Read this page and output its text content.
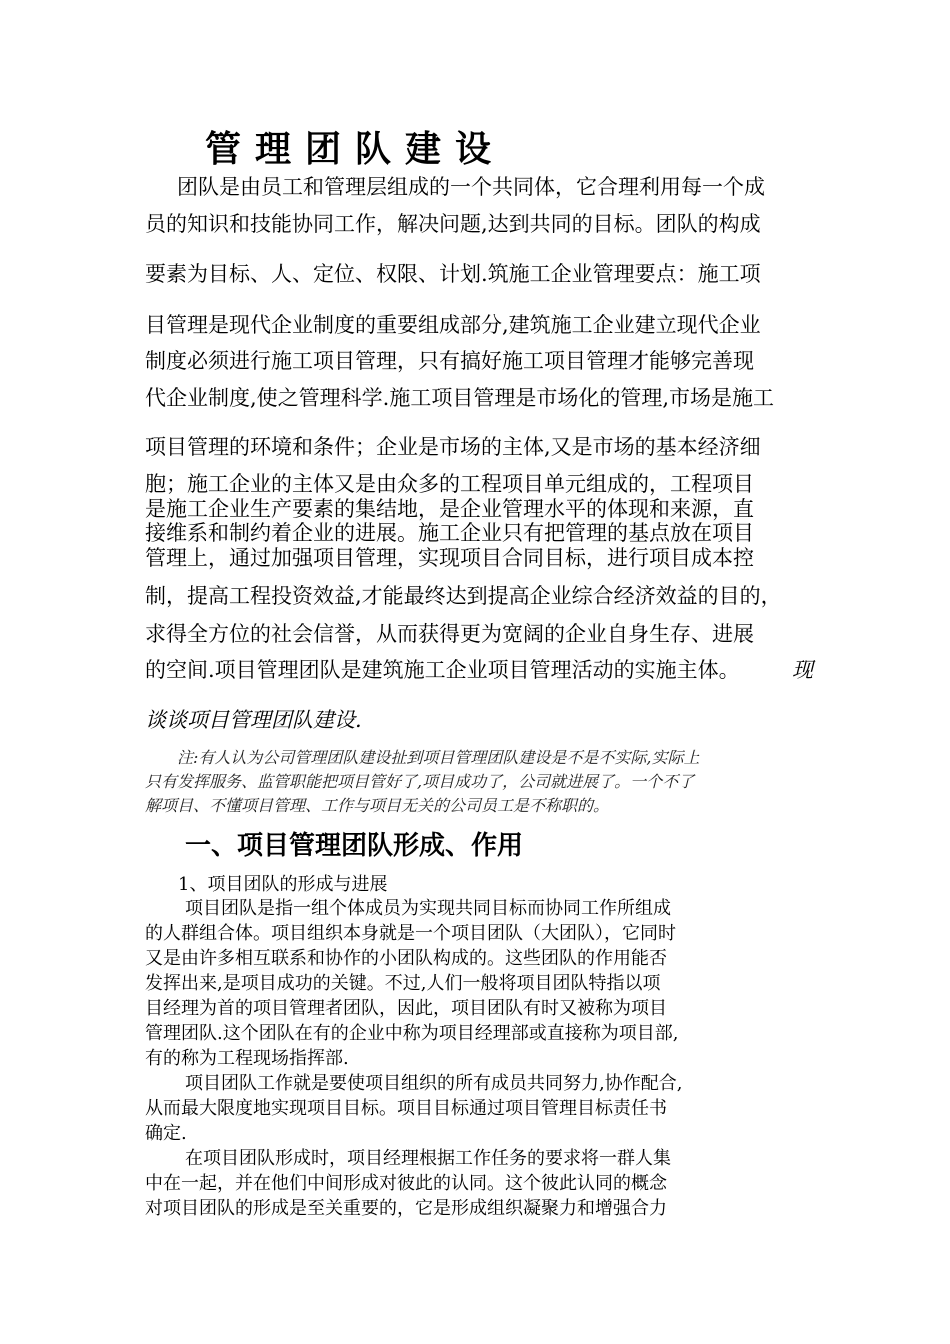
管理团队建设
团队是由员工和管理层组成的一个共同体，它合理利用每一个成
员的知识和技能协同工作，解决问题,达到共同的目标。团队的构成
要素为目标、人、定位、权限、计划.筑施工企业管理要点：施工项
目管理是现代企业制度的重要组成部分,建筑施工企业建立现代企业
制度必须进行施工项目管理，只有搞好施工项目管理才能够完善现
代企业制度,使之管理科学.施工项目管理是市场化的管理,市场是施工
项目管理的环境和条件；企业是市场的主体,又是市场的基本经济细
胞；施工企业的主体又是由众多的工程项目单元组成的，工程项目
是施工企业生产要素的集结地，是企业管理水平的体现和来源，直
接维系和制约着企业的进展。施工企业只有把管理的基点放在项目
管理上，通过加强项目管理，实现项目合同目标，进行项目成本控
制，提高工程投资效益,才能最终达到提高企业综合经济效益的目的，
求得全方位的社会信誉，从而获得更为宽阔的企业自身生存、进展
的空间.项目管理团队是建筑施工企业项目管理活动的实施主体。 现
谈谈项目管理团队建设.
注:有人认为公司管理团队建设扯到项目管理团队建设是不是不实际,实际上
只有发挥服务、监管职能把项目管好了,项目成功了，公司就进展了。一个不了
解项目、不懂项目管理、工作与项目无关的公司员工是不称职的。
一、项目管理团队形成、作用
1、项目团队的形成与进展
项目团队是指一组个体成员为实现共同目标而协同工作所组成
的人群组合体。项目组织本身就是一个项目团队（大团队），它同时
又是由许多相互联系和协作的小团队构成的。这些团队的作用能否
发挥出来,是项目成功的关键。不过,人们一般将项目团队特指以项
目经理为首的项目管理者团队，因此，项目团队有时又被称为项目
管理团队.这个团队在有的企业中称为项目经理部或直接称为项目部,
有的称为工程现场指挥部.
项目团队工作就是要使项目组织的所有成员共同努力,协作配合,
从而最大限度地实现项目目标。项目目标通过项目管理目标责任书
确定.
在项目团队形成时，项目经理根据工作任务的要求将一群人集
中在一起，并在他们中间形成对彼此的认同。这个彼此认同的概念
对项目团队的形成是至关重要的，它是形成组织凝聚力和增强合力
